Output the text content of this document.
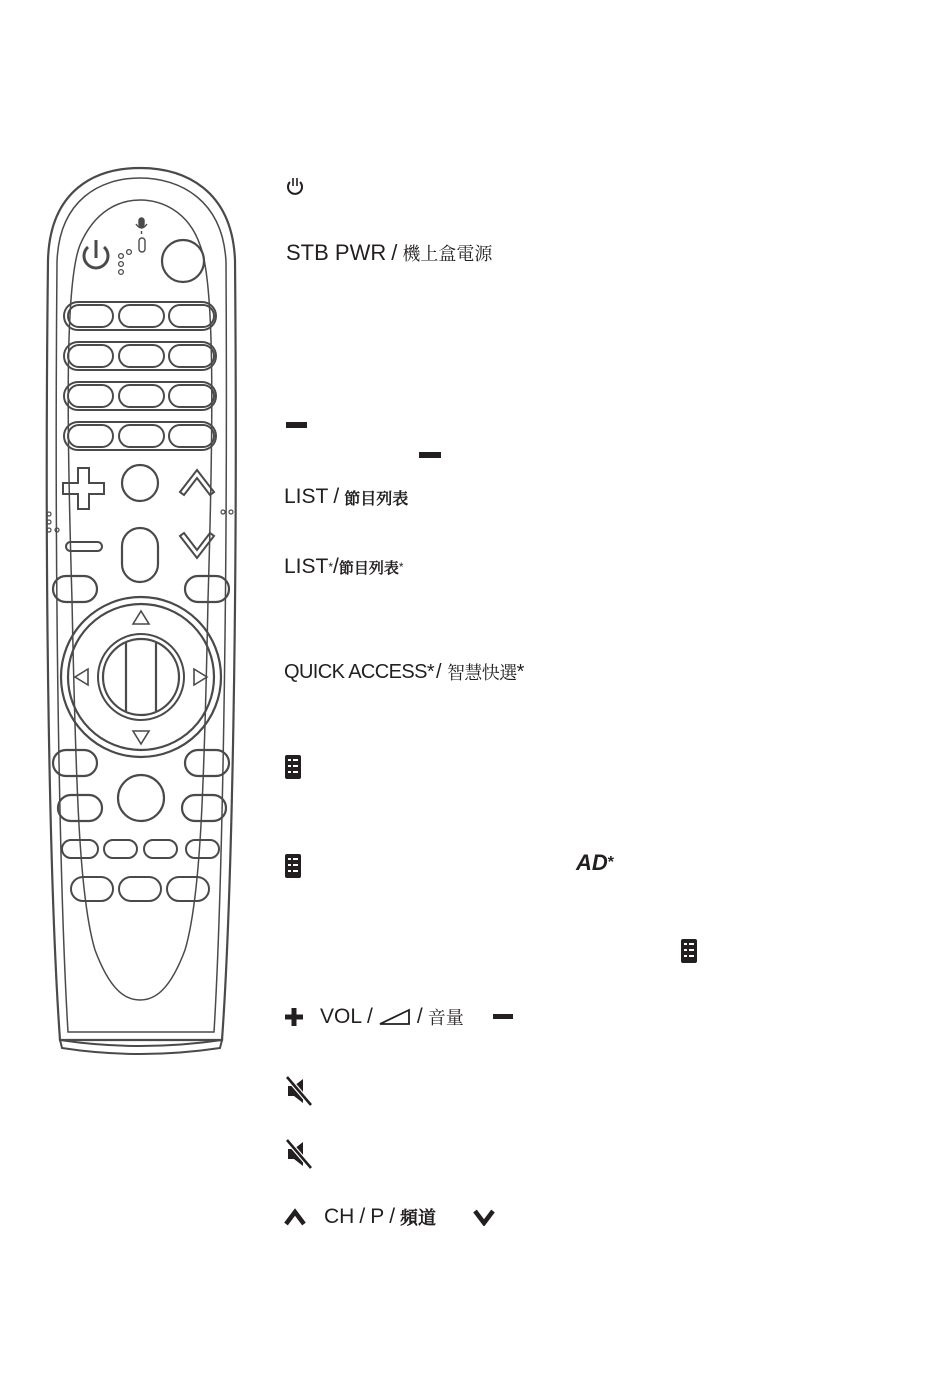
STB PWR / 機上盒電源
LIST / 節目列表
LIST * / 節目列表 *
QUICK ACCESS * / 智慧快選 *
AD *
VOL / / 音量
CH / P / 頻道
